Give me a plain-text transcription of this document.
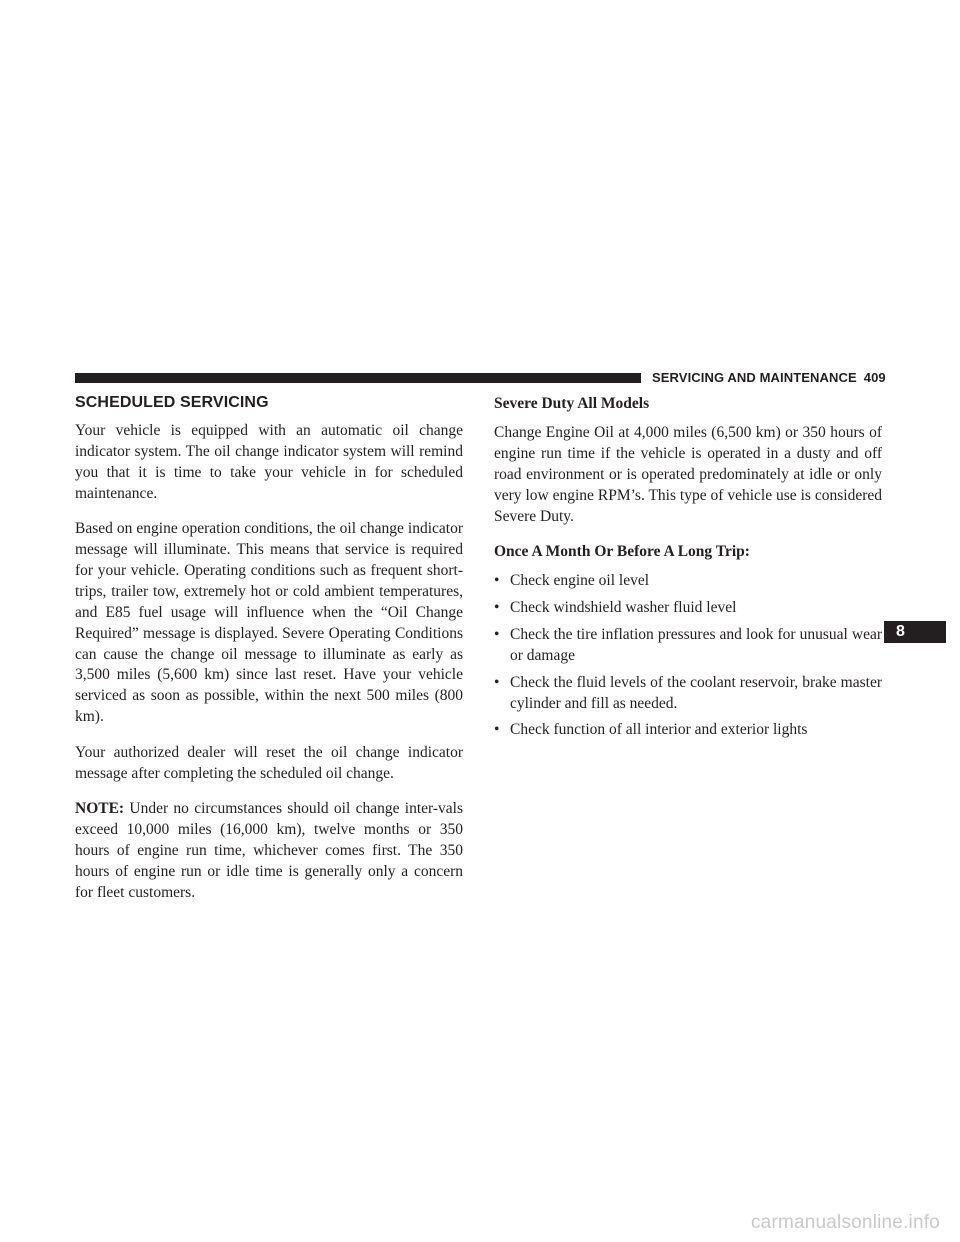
SERVICING AND MAINTENANCE 409
SCHEDULED SERVICING

Your vehicle is equipped with an automatic oil change indicator system. The oil change indicator system will remind you that it is time to take your vehicle in for scheduled maintenance.

Based on engine operation conditions, the oil change indicator message will illuminate. This means that service is required for your vehicle. Operating conditions such as frequent short-trips, trailer tow, extremely hot or cold ambient temperatures, and E85 fuel usage will influence when the “Oil Change Required” message is displayed. Severe Operating Conditions can cause the change oil message to illuminate as early as 3,500 miles (5,600 km) since last reset. Have your vehicle serviced as soon as possible, within the next 500 miles (800 km).

Your authorized dealer will reset the oil change indicator message after completing the scheduled oil change.

NOTE: Under no circumstances should oil change inter-vals exceed 10,000 miles (16,000 km), twelve months or 350 hours of engine run time, whichever comes first. The 350 hours of engine run or idle time is generally only a concern for fleet customers.

Severe Duty All Models

Change Engine Oil at 4,000 miles (6,500 km) or 350 hours of engine run time if the vehicle is operated in a dusty and off road environment or is operated predominately at idle or only very low engine RPM’s. This type of vehicle use is considered Severe Duty.

Once A Month Or Before A Long Trip:
• Check engine oil level
• Check windshield washer fluid level
• Check the tire inflation pressures and look for unusual wear or damage
• Check the fluid levels of the coolant reservoir, brake master cylinder and fill as needed.
• Check function of all interior and exterior lights
8
carmanualsonline.info
